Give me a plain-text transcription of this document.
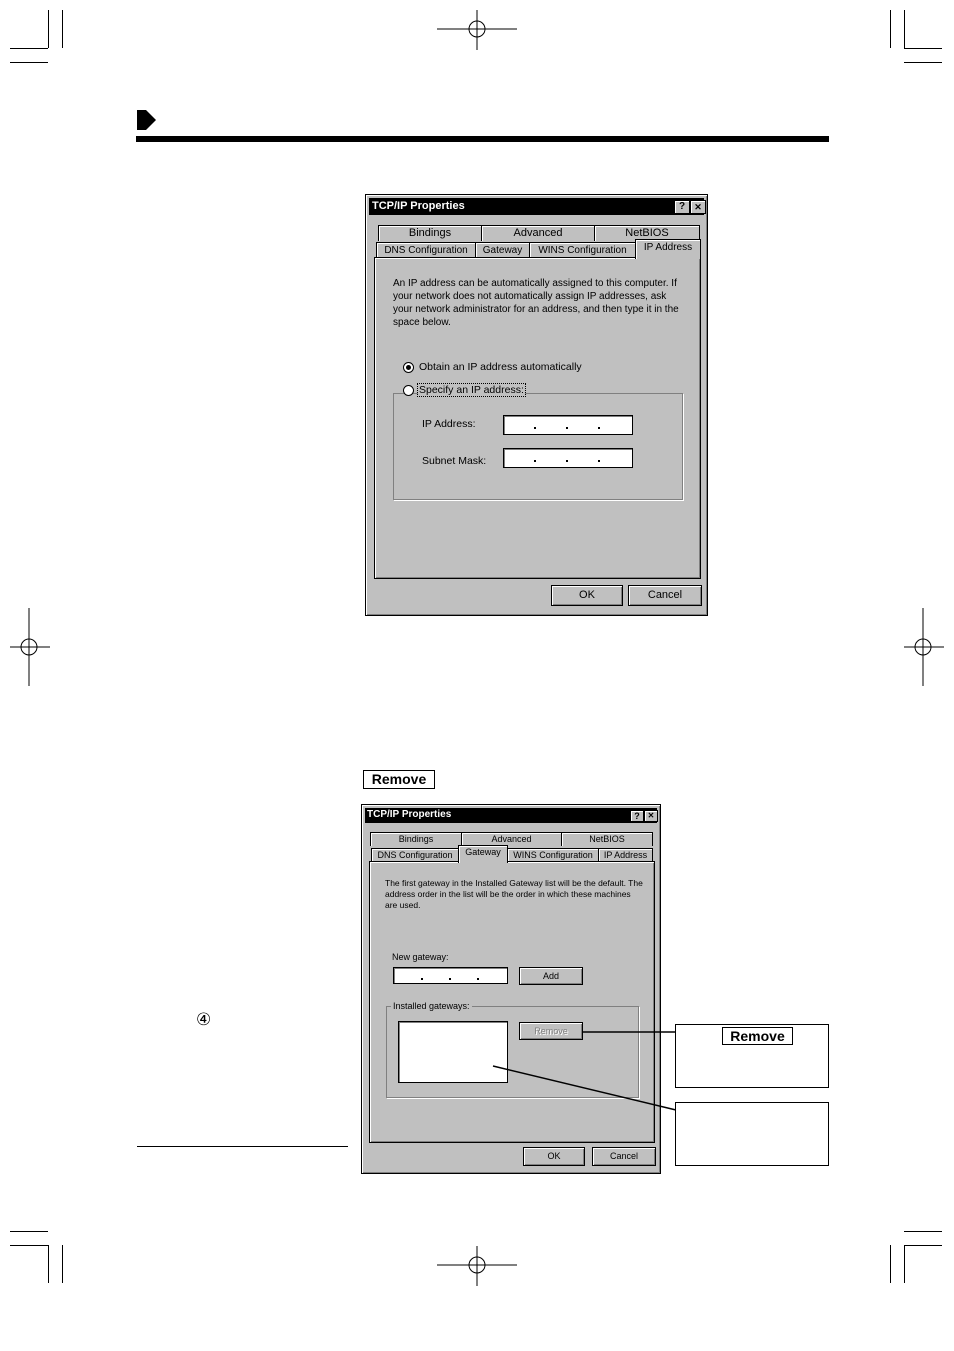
TCP/IP Properties	?	✕
Bindings	Advanced	NetBIOS
DNS Configuration	Gateway	WINS Configuration	IP Address
An IP address can be automatically assigned to this computer. If your network does not automatically assign IP addresses, ask your network administrator for an address, and then type it in the space below.
Obtain an IP address automatically
Specify an IP address:
IP Address:
Subnet Mask:
OK	Cancel
Remove
TCP/IP Properties	? ✕
Bindings	Advanced	NetBIOS
DNS Configuration	Gateway	WINS Configuration	IP Address
The first gateway in the Installed Gateway list will be the default. The address order in the list will be the order in which these machines are used.
New gateway:
Add
Installed gateways:
Remove
OK	Cancel
④
Remove
